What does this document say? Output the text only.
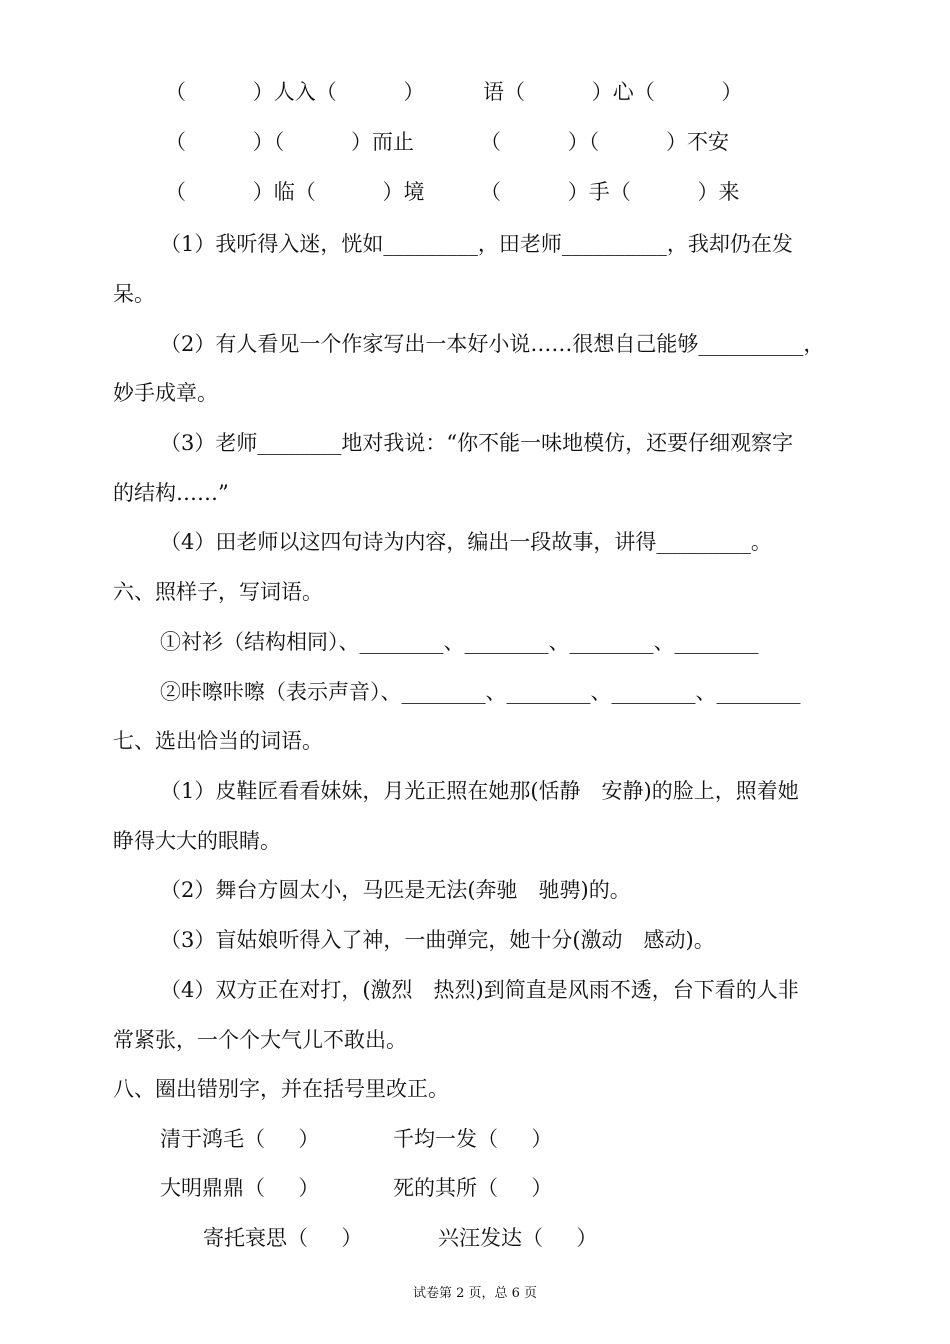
（          ）人入（          ）	语（          ）心（          ）
（          ）（          ）而止	（          ）（          ）不安
（          ）临（          ）境	（          ）手（          ）来
（1）我听得入迷，恍如_________，田老师__________，我却仍在发
呆。
（2）有人看见一个作家写出一本好小说……很想自己能够__________，
妙手成章。
（3）老师________地对我说：“你不能一味地模仿，还要仔细观察字
的结构……”
（4）田老师以这四句诗为内容，编出一段故事，讲得_________。
六、照样子，写词语。
①衬衫（结构相同）、________、________、________、________
②咔嚓咔嚓（表示声音）、________、________、________、________
七、选出恰当的词语。
（1）皮鞋匠看看妹妹，月光正照在她那(恬静　安静)的脸上，照着她
睁得大大的眼睛。
（2）舞台方圆太小，马匹是无法(奔驰　驰骋)的。
（3）盲姑娘听得入了神，一曲弹完，她十分(激动　感动)。
（4）双方正在对打，(激烈　热烈)到简直是风雨不透，台下看的人非
常紧张，一个个大气儿不敢出。
八、圈出错别字，并在括号里改正。
清于鸿毛（     ）	千均一发（     ）
大明鼎鼎（     ）	死的其所（     ）
寄托衰思（     ）	兴汪发达（     ）
试卷第 2 页，总 6 页
